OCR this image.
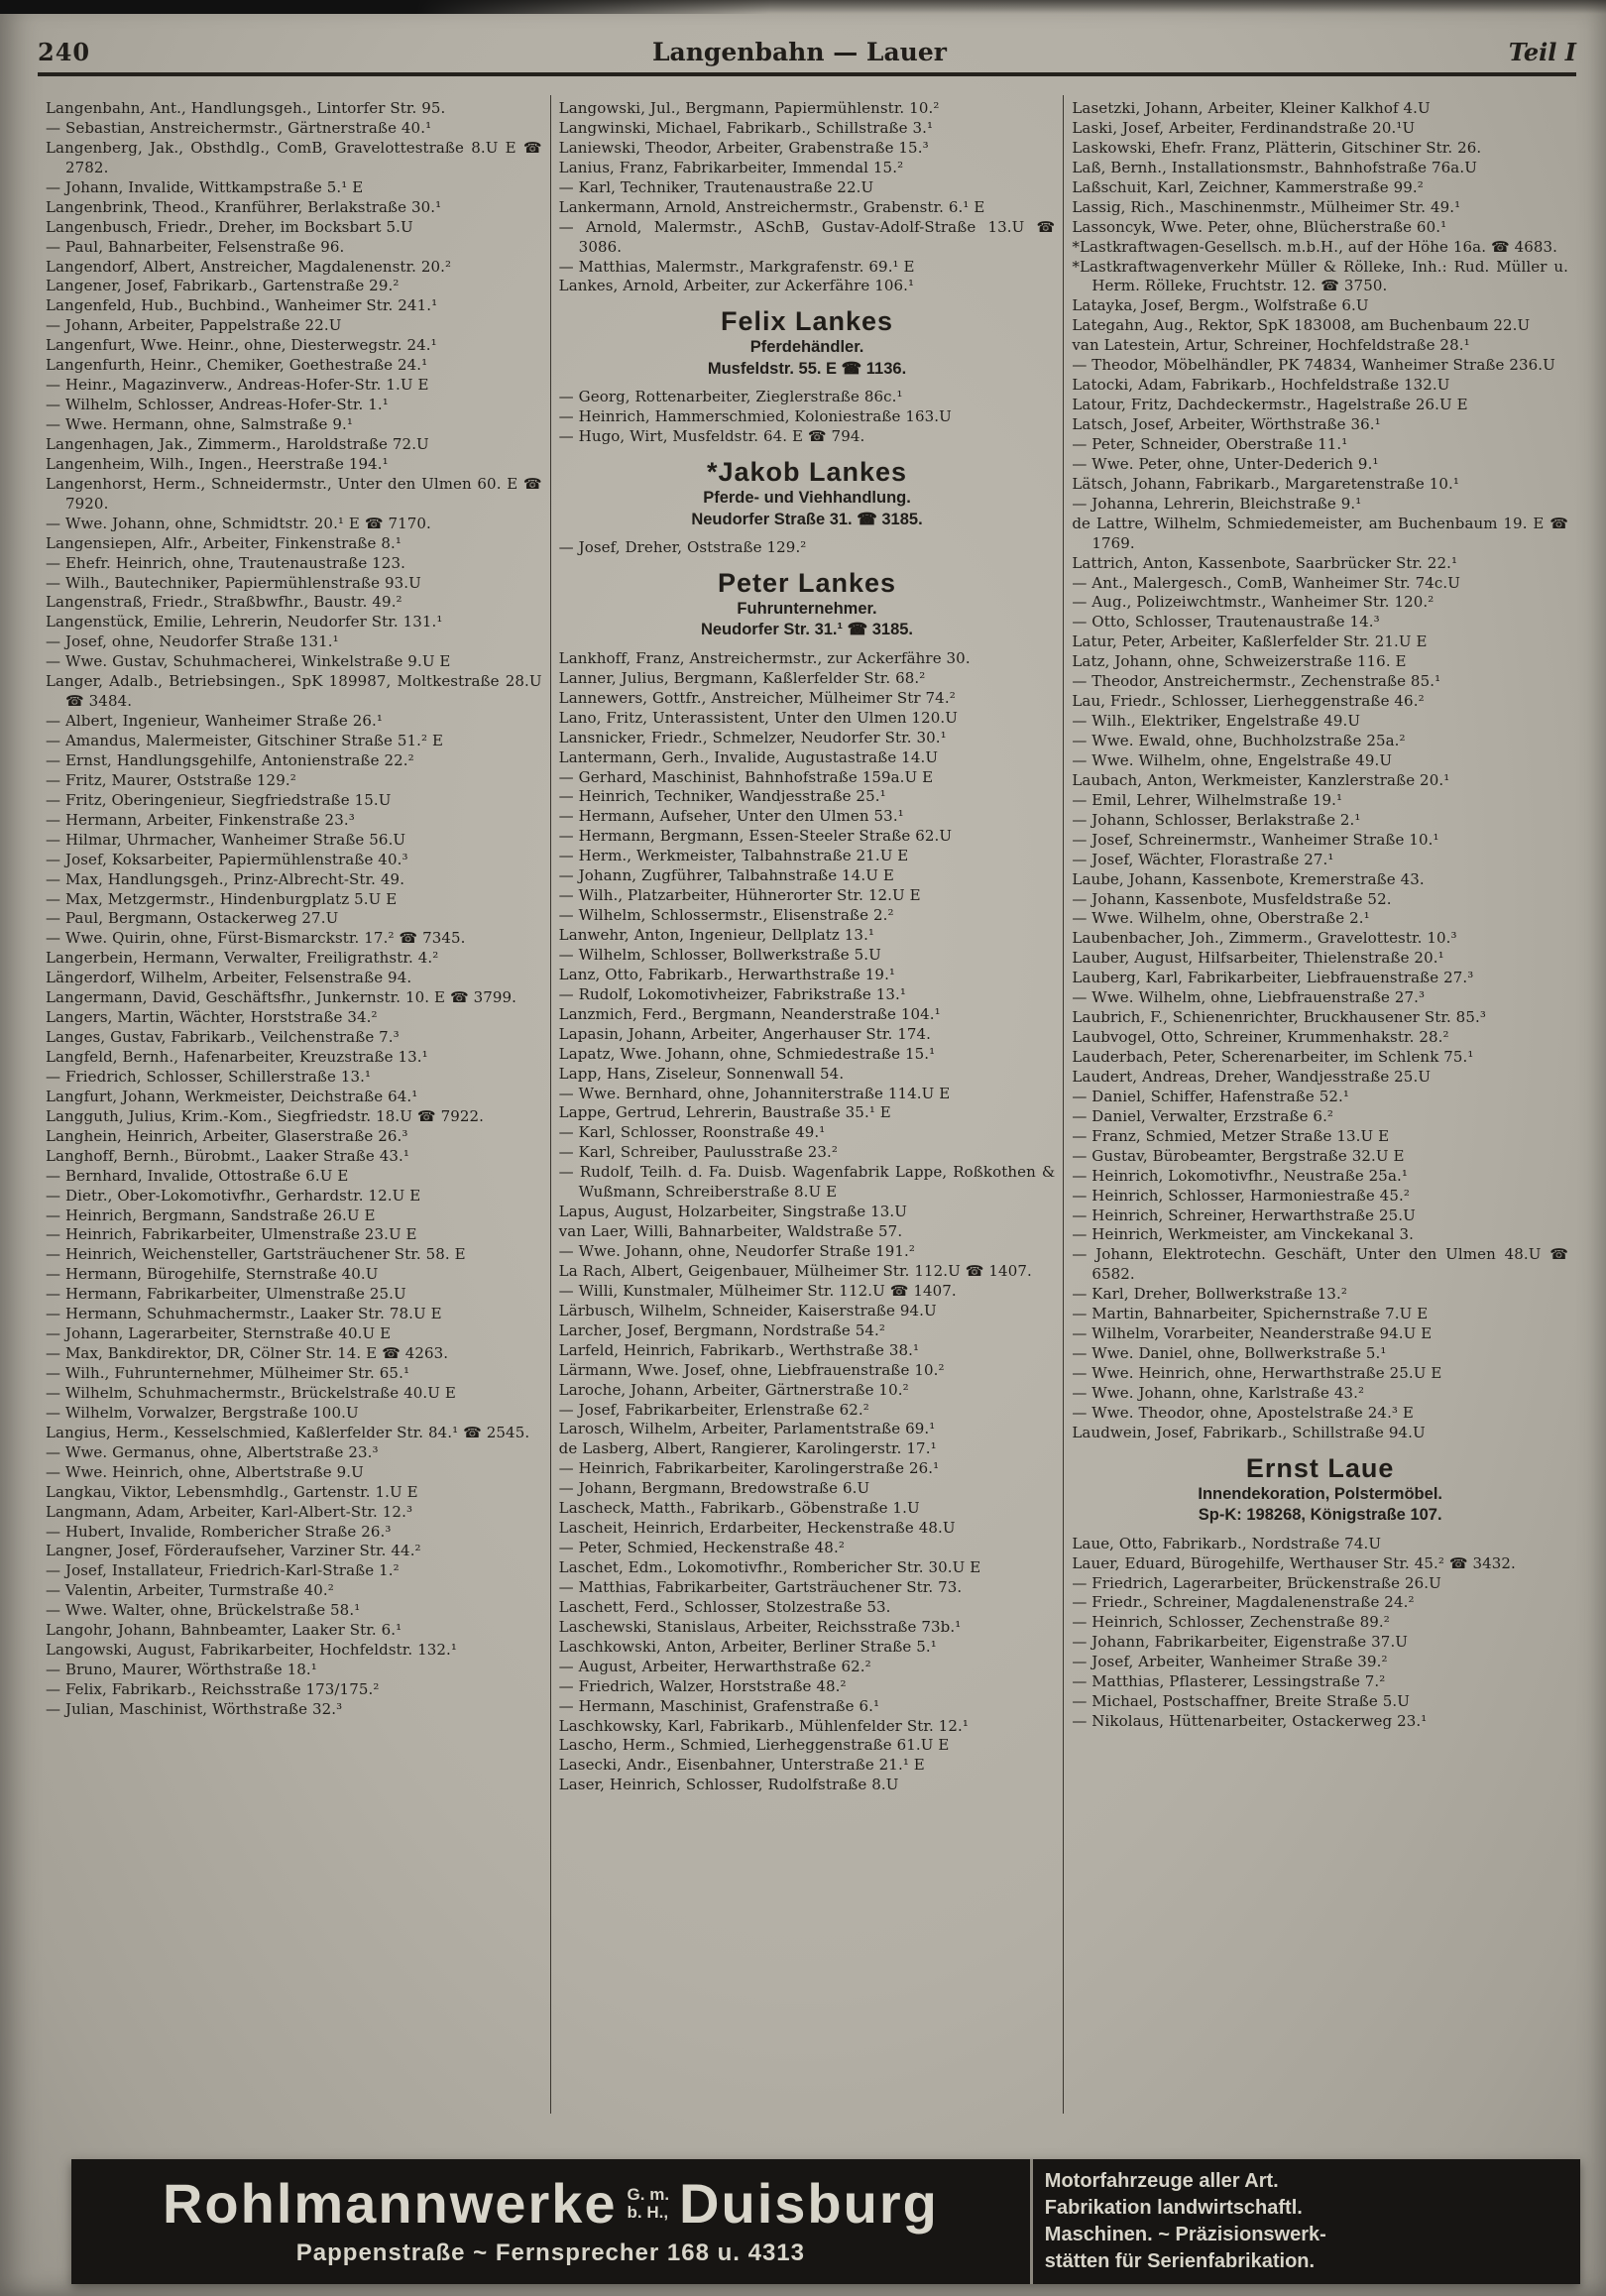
240	Langenbahn — Lauer	Teil I
Langenbahn, Ant., Handlungsgeh., Lintorfer Str. 95.
— Sebastian, Anstreichermstr., Gärtnerstraße 40.¹
Langenberg, Jak., Obsthdlg., ComB, Gravelottestraße 8.U E ☎ 2782.
— Johann, Invalide, Wittkampstraße 5.¹ E
Langenbrink, Theod., Kranführer, Berlakstraße 30.¹
Langenbusch, Friedr., Dreher, im Bocksbart 5.U
— Paul, Bahnarbeiter, Felsenstraße 96.
Langendorf, Albert, Anstreicher, Magdalenenstr. 20.²
Langener, Josef, Fabrikarb., Gartenstraße 29.²
Langenfeld, Hub., Buchbind., Wanheimer Str. 241.¹
— Johann, Arbeiter, Pappelstraße 22.U
Langenfurt, Wwe. Heinr., ohne, Diesterwegstr. 24.¹
Langenfurth, Heinr., Chemiker, Goethestraße 24.¹
— Heinr., Magazinverw., Andreas-Hofer-Str. 1.U E
— Wilhelm, Schlosser, Andreas-Hofer-Str. 1.¹
— Wwe. Hermann, ohne, Salmstraße 9.¹
Langenhagen, Jak., Zimmerm., Haroldstraße 72.U
Langenheim, Wilh., Ingen., Heerstraße 194.¹
Langenhorst, Herm., Schneidermstr., Unter den Ulmen 60. E ☎ 7920.
— Wwe. Johann, ohne, Schmidtstr. 20.¹ E ☎ 7170.
Langensiepen, Alfr., Arbeiter, Finkenstraße 8.¹
— Ehefr. Heinrich, ohne, Trautenaustraße 123.
— Wilh., Bautechniker, Papiermühlenstraße 93.U
Langenstraß, Friedr., Straßbwfhr., Baustr. 49.²
Langenstück, Emilie, Lehrerin, Neudorfer Str. 131.¹
— Josef, ohne, Neudorfer Straße 131.¹
— Wwe. Gustav, Schuhmacherei, Winkelstraße 9.U E
Langer, Adalb., Betriebsingen., SpK 189987, Moltkestraße 28.U ☎ 3484.
— Albert, Ingenieur, Wanheimer Straße 26.¹
— Amandus, Malermeister, Gitschiner Straße 51.² E
— Ernst, Handlungsgehilfe, Antonienstraße 22.²
— Fritz, Maurer, Oststraße 129.²
— Fritz, Oberingenieur, Siegfriedstraße 15.U
— Hermann, Arbeiter, Finkenstraße 23.³
— Hilmar, Uhrmacher, Wanheimer Straße 56.U
— Josef, Koksarbeiter, Papiermühlenstraße 40.³
— Max, Handlungsgeh., Prinz-Albrecht-Str. 49.
— Max, Metzgermstr., Hindenburgplatz 5.U E
— Paul, Bergmann, Ostackerweg 27.U
— Wwe. Quirin, ohne, Fürst-Bismarckstr. 17.² ☎ 7345.
Langerbein, Hermann, Verwalter, Freiligrathstr. 4.²
Längerdorf, Wilhelm, Arbeiter, Felsenstraße 94.
Langermann, David, Geschäftsfhr., Junkernstr. 10. E ☎ 3799.
Langers, Martin, Wächter, Horststraße 34.²
Langes, Gustav, Fabrikarb., Veilchenstraße 7.³
Langfeld, Bernh., Hafenarbeiter, Kreuzstraße 13.¹
— Friedrich, Schlosser, Schillerstraße 13.¹
Langfurt, Johann, Werkmeister, Deichstraße 64.¹
Langguth, Julius, Krim.-Kom., Siegfriedstr. 18.U ☎ 7922.
Langhein, Heinrich, Arbeiter, Glaserstraße 26.³
Langhoff, Bernh., Bürobmt., Laaker Straße 43.¹
— Bernhard, Invalide, Ottostraße 6.U E
— Dietr., Ober-Lokomotivfhr., Gerhardstr. 12.U E
— Heinrich, Bergmann, Sandstraße 26.U E
— Heinrich, Fabrikarbeiter, Ulmenstraße 23.U E
— Heinrich, Weichensteller, Gartsträuchener Str. 58. E
— Hermann, Bürogehilfe, Sternstraße 40.U
— Hermann, Fabrikarbeiter, Ulmenstraße 25.U
— Hermann, Schuhmachermstr., Laaker Str. 78.U E
— Johann, Lagerarbeiter, Sternstraße 40.U E
— Max, Bankdirektor, DR, Cölner Str. 14. E ☎ 4263.
— Wilh., Fuhrunternehmer, Mülheimer Str. 65.¹
— Wilhelm, Schuhmachermstr., Brückelstraße 40.U E
— Wilhelm, Vorwalzer, Bergstraße 100.U
Langius, Herm., Kesselschmied, Kaßlerfelder Str. 84.¹ ☎ 2545.
— Wwe. Germanus, ohne, Albertstraße 23.³
— Wwe. Heinrich, ohne, Albertstraße 9.U
Langkau, Viktor, Lebensmhdlg., Gartenstr. 1.U E
Langmann, Adam, Arbeiter, Karl-Albert-Str. 12.³
— Hubert, Invalide, Rombericher Straße 26.³
Langner, Josef, Förderaufseher, Varziner Str. 44.²
— Josef, Installateur, Friedrich-Karl-Straße 1.²
— Valentin, Arbeiter, Turmstraße 40.²
— Wwe. Walter, ohne, Brückelstraße 58.¹
Langohr, Johann, Bahnbeamter, Laaker Str. 6.¹
Langowski, August, Fabrikarbeiter, Hochfeldstr. 132.¹
— Bruno, Maurer, Wörthstraße 18.¹
— Felix, Fabrikarb., Reichsstraße 173/175.²
— Julian, Maschinist, Wörthstraße 32.³
Langowski, Jul., Bergmann, Papiermühlenstr. 10.²
Langwinski, Michael, Fabrikarb., Schillstraße 3.¹
Laniewski, Theodor, Arbeiter, Grabenstraße 15.³
Lanius, Franz, Fabrikarbeiter, Immendal 15.²
— Karl, Techniker, Trautenaustraße 22.U
Lankermann, Arnold, Anstreichermstr., Grabenstr. 6.¹ E
— Arnold, Malermstr., ASchB, Gustav-Adolf-Straße 13.U ☎ 3086.
— Matthias, Malermstr., Markgrafenstr. 69.¹ E
Lankes, Arnold, Arbeiter, zur Ackerfähre 106.¹
Felix Lankes
Pferdehändler.
Musfeldstr. 55. E ☎ 1136.
— Georg, Rottenarbeiter, Zieglerstraße 86c.¹
— Heinrich, Hammerschmied, Koloniestraße 163.U
— Hugo, Wirt, Musfeldstr. 64. E ☎ 794.
*Jakob Lankes
Pferde- und Viehhandlung.
Neudorfer Straße 31. ☎ 3185.
— Josef, Dreher, Oststraße 129.²
Peter Lankes
Fuhrunternehmer.
Neudorfer Str. 31.¹ ☎ 3185.
Lankhoff, Franz, Anstreichermstr., zur Ackerfähre 30.
Lanner, Julius, Bergmann, Kaßlerfelder Str. 68.²
Lannewers, Gottfr., Anstreicher, Mülheimer Str 74.²
Lano, Fritz, Unterassistent, Unter den Ulmen 120.U
Lansnicker, Friedr., Schmelzer, Neudorfer Str. 30.¹
Lantermann, Gerh., Invalide, Augustastraße 14.U
— Gerhard, Maschinist, Bahnhofstraße 159a.U E
— Heinrich, Techniker, Wandjesstraße 25.¹
— Hermann, Aufseher, Unter den Ulmen 53.¹
— Hermann, Bergmann, Essen-Steeler Straße 62.U
— Herm., Werkmeister, Talbahnstraße 21.U E
— Johann, Zugführer, Talbahnstraße 14.U E
— Wilh., Platzarbeiter, Hühnerorter Str. 12.U E
— Wilhelm, Schlossermstr., Elisenstraße 2.²
Lanwehr, Anton, Ingenieur, Dellplatz 13.¹
— Wilhelm, Schlosser, Bollwerkstraße 5.U
Lanz, Otto, Fabrikarb., Herwarthstraße 19.¹
— Rudolf, Lokomotivheizer, Fabrikstraße 13.¹
Lanzmich, Ferd., Bergmann, Neanderstraße 104.¹
Lapasin, Johann, Arbeiter, Angerhauser Str. 174.
Lapatz, Wwe. Johann, ohne, Schmiedestraße 15.¹
Lapp, Hans, Ziseleur, Sonnenwall 54.
— Wwe. Bernhard, ohne, Johanniterstraße 114.U E
Lappe, Gertrud, Lehrerin, Baustraße 35.¹ E
— Karl, Schlosser, Roonstraße 49.¹
— Karl, Schreiber, Paulusstraße 23.²
— Rudolf, Teilh. d. Fa. Duisb. Wagenfabrik Lappe, Roßkothen & Wußmann, Schreiberstraße 8.U E
Lapus, August, Holzarbeiter, Singstraße 13.U
van Laer, Willi, Bahnarbeiter, Waldstraße 57.
— Wwe. Johann, ohne, Neudorfer Straße 191.²
La Rach, Albert, Geigenbauer, Mülheimer Str. 112.U ☎ 1407.
— Willi, Kunstmaler, Mülheimer Str. 112.U ☎ 1407.
Lärbusch, Wilhelm, Schneider, Kaiserstraße 94.U
Larcher, Josef, Bergmann, Nordstraße 54.²
Larfeld, Heinrich, Fabrikarb., Werthstraße 38.¹
Lärmann, Wwe. Josef, ohne, Liebfrauenstraße 10.²
Laroche, Johann, Arbeiter, Gärtnerstraße 10.²
— Josef, Fabrikarbeiter, Erlenstraße 62.²
Larosch, Wilhelm, Arbeiter, Parlamentstraße 69.¹
de Lasberg, Albert, Rangierer, Karolingerstr. 17.¹
— Heinrich, Fabrikarbeiter, Karolingerstraße 26.¹
— Johann, Bergmann, Bredowstraße 6.U
Lascheck, Matth., Fabrikarb., Göbenstraße 1.U
Lascheit, Heinrich, Erdarbeiter, Heckenstraße 48.U
— Peter, Schmied, Heckenstraße 48.²
Laschet, Edm., Lokomotivfhr., Rombericher Str. 30.U E
— Matthias, Fabrikarbeiter, Gartsträuchener Str. 73.
Laschett, Ferd., Schlosser, Stolzestraße 53.
Laschewski, Stanislaus, Arbeiter, Reichsstraße 73b.¹
Laschkowski, Anton, Arbeiter, Berliner Straße 5.¹
— August, Arbeiter, Herwarthstraße 62.²
— Friedrich, Walzer, Horststraße 48.²
— Hermann, Maschinist, Grafenstraße 6.¹
Laschkowsky, Karl, Fabrikarb., Mühlenfelder Str. 12.¹
Lascho, Herm., Schmied, Lierheggenstraße 61.U E
Lasecki, Andr., Eisenbahner, Unterstraße 21.¹ E
Laser, Heinrich, Schlosser, Rudolfstraße 8.U
Lasetzki, Johann, Arbeiter, Kleiner Kalkhof 4.U
Laski, Josef, Arbeiter, Ferdinandstraße 20.¹U
Laskowski, Ehefr. Franz, Plätterin, Gitschiner Str. 26.
Laß, Bernh., Installationsmstr., Bahnhofstraße 76a.U
Laßschuit, Karl, Zeichner, Kammerstraße 99.²
Lassig, Rich., Maschinenmstr., Mülheimer Str. 49.¹
Lassoncyk, Wwe. Peter, ohne, Blücherstraße 60.¹
*Lastkraftwagen-Gesellsch. m.b.H., auf der Höhe 16a. ☎ 4683.
*Lastkraftwagenverkehr Müller & Rölleke, Inh.: Rud. Müller u. Herm. Rölleke, Fruchtstr. 12. ☎ 3750.
Latayka, Josef, Bergm., Wolfstraße 6.U
Lategahn, Aug., Rektor, SpK 183008, am Buchenbaum 22.U
van Latestein, Artur, Schreiner, Hochfeldstraße 28.¹
— Theodor, Möbelhändler, PK 74834, Wanheimer Straße 236.U
Latocki, Adam, Fabrikarb., Hochfeldstraße 132.U
Latour, Fritz, Dachdeckermstr., Hagelstraße 26.U E
Latsch, Josef, Arbeiter, Wörthstraße 36.¹
— Peter, Schneider, Oberstraße 11.¹
— Wwe. Peter, ohne, Unter-Dederich 9.¹
Lätsch, Johann, Fabrikarb., Margaretenstraße 10.¹
— Johanna, Lehrerin, Bleichstraße 9.¹
de Lattre, Wilhelm, Schmiedemeister, am Buchenbaum 19. E ☎ 1769.
Lattrich, Anton, Kassenbote, Saarbrücker Str. 22.¹
— Ant., Malergesch., ComB, Wanheimer Str. 74c.U
— Aug., Polizeiwchtmstr., Wanheimer Str. 120.²
— Otto, Schlosser, Trautenaustraße 14.³
Latur, Peter, Arbeiter, Kaßlerfelder Str. 21.U E
Latz, Johann, ohne, Schweizerstraße 116. E
— Theodor, Anstreichermstr., Zechenstraße 85.¹
Lau, Friedr., Schlosser, Lierheggenstraße 46.²
— Wilh., Elektriker, Engelstraße 49.U
— Wwe. Ewald, ohne, Buchholzstraße 25a.²
— Wwe. Wilhelm, ohne, Engelstraße 49.U
Laubach, Anton, Werkmeister, Kanzlerstraße 20.¹
— Emil, Lehrer, Wilhelmstraße 19.¹
— Johann, Schlosser, Berlakstraße 2.¹
— Josef, Schreinermstr., Wanheimer Straße 10.¹
— Josef, Wächter, Florastraße 27.¹
Laube, Johann, Kassenbote, Kremerstraße 43.
— Johann, Kassenbote, Musfeldstraße 52.
— Wwe. Wilhelm, ohne, Oberstraße 2.¹
Laubenbacher, Joh., Zimmerm., Gravelottestr. 10.³
Lauber, August, Hilfsarbeiter, Thielenstraße 20.¹
Lauberg, Karl, Fabrikarbeiter, Liebfrauenstraße 27.³
— Wwe. Wilhelm, ohne, Liebfrauenstraße 27.³
Laubrich, F., Schienenrichter, Bruckhausener Str. 85.³
Laubvogel, Otto, Schreiner, Krummenhakstr. 28.²
Lauderbach, Peter, Scherenarbeiter, im Schlenk 75.¹
Laudert, Andreas, Dreher, Wandjesstraße 25.U
— Daniel, Schiffer, Hafenstraße 52.¹
— Daniel, Verwalter, Erzstraße 6.²
— Franz, Schmied, Metzer Straße 13.U E
— Gustav, Bürobeamter, Bergstraße 32.U E
— Heinrich, Lokomotivfhr., Neustraße 25a.¹
— Heinrich, Schlosser, Harmoniestraße 45.²
— Heinrich, Schreiner, Herwarthstraße 25.U
— Heinrich, Werkmeister, am Vinckekanal 3.
— Johann, Elektrotechn. Geschäft, Unter den Ulmen 48.U ☎ 6582.
— Karl, Dreher, Bollwerkstraße 13.²
— Martin, Bahnarbeiter, Spichernstraße 7.U E
— Wilhelm, Vorarbeiter, Neanderstraße 94.U E
— Wwe. Daniel, ohne, Bollwerkstraße 5.¹
— Wwe. Heinrich, ohne, Herwarthstraße 25.U E
— Wwe. Johann, ohne, Karlstraße 43.²
— Wwe. Theodor, ohne, Apostelstraße 24.³ E
Laudwein, Josef, Fabrikarb., Schillstraße 94.U
Ernst Laue
Innendekoration, Polstermöbel.
Sp-K: 198268, Königstraße 107.
Laue, Otto, Fabrikarb., Nordstraße 74.U
Lauer, Eduard, Bürogehilfe, Werthauser Str. 45.² ☎ 3432.
— Friedrich, Lagerarbeiter, Brückenstraße 26.U
— Friedr., Schreiner, Magdalenenstraße 24.²
— Heinrich, Schlosser, Zechenstraße 89.²
— Johann, Fabrikarbeiter, Eigenstraße 37.U
— Josef, Arbeiter, Wanheimer Straße 39.²
— Matthias, Pflasterer, Lessingstraße 7.²
— Michael, Postschaffner, Breite Straße 5.U
— Nikolaus, Hüttenarbeiter, Ostackerweg 23.¹
Rohlmannwerke G. m.
b. H., Duisburg
Pappenstraße ~ Fernsprecher 168 u. 4313
Motorfahrzeuge aller Art.
Fabrikation landwirtschaftl.
Maschinen. ~ Präzisionswerk-
stätten für Serienfabrikation.
